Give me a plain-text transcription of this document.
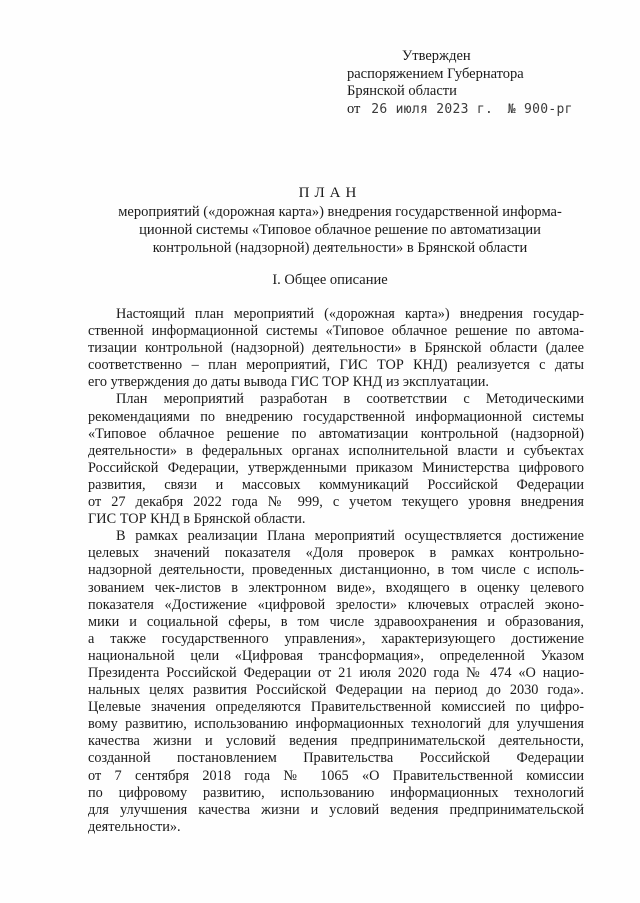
Утвержден
распоряжением Губернатора
Брянской области
от 26 июля 2023 г. № 900-рг
ПЛАН
мероприятий («дорожная карта») внедрения государственной информа-
ционной системы «Типовое облачное решение по автоматизации
контрольной (надзорной) деятельности» в Брянской области
I. Общее описание
Настоящий план мероприятий («дорожная карта») внедрения государ-
ственной информационной системы «Типовое облачное решение по автома-
тизации контрольной (надзорной) деятельности» в Брянской области (далее
соответственно – план мероприятий, ГИС ТОР КНД) реализуется с даты
его утверждения до даты вывода ГИС ТОР КНД из эксплуатации.
План мероприятий разработан в соответствии с Методическими
рекомендациями по внедрению государственной информационной системы
«Типовое облачное решение по автоматизации контрольной (надзорной)
деятельности» в федеральных органах исполнительной власти и субъектах
Российской Федерации, утвержденными приказом Министерства цифрового
развития, связи и массовых коммуникаций Российской Федерации
от 27 декабря 2022 года № 999, с учетом текущего уровня внедрения
ГИС ТОР КНД в Брянской области.
В рамках реализации Плана мероприятий осуществляется достижение
целевых значений показателя «Доля проверок в рамках контрольно-
надзорной деятельности, проведенных дистанционно, в том числе с исполь-
зованием чек-листов в электронном виде», входящего в оценку целевого
показателя «Достижение «цифровой зрелости» ключевых отраслей эконо-
мики и социальной сферы, в том числе здравоохранения и образования,
а также государственного управления», характеризующего достижение
национальной цели «Цифровая трансформация», определенной Указом
Президента Российской Федерации от 21 июля 2020 года № 474 «О нацио-
нальных целях развития Российской Федерации на период до 2030 года».
Целевые значения определяются Правительственной комиссией по цифро-
вому развитию, использованию информационных технологий для улучшения
качества жизни и условий ведения предпринимательской деятельности,
созданной постановлением Правительства Российской Федерации
от 7 сентября 2018 года № 1065 «О Правительственной комиссии
по цифровому развитию, использованию информационных технологий
для улучшения качества жизни и условий ведения предпринимательской
деятельности».
